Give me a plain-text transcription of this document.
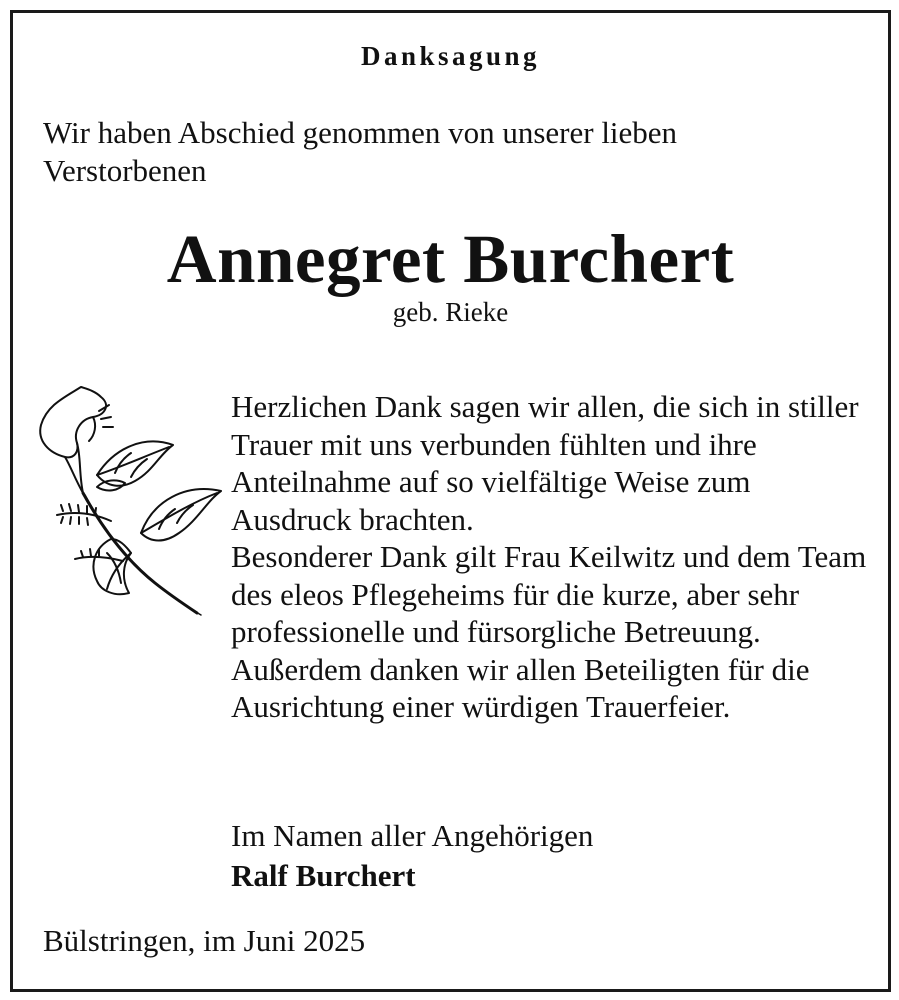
Danksagung
Wir haben Abschied genommen von unserer lieben Verstorbenen
Annegret Burchert
geb. Rieke

Herzlichen Dank sagen wir allen, die sich in stiller Trauer mit uns verbunden fühlten und ihre Anteilnahme auf so vielfältige Weise zum Ausdruck brachten.

Besonderer Dank gilt Frau Keilwitz und dem Team des eleos Pflegeheims für die kurze, aber sehr professionelle und fürsorgliche Betreuung.

Außerdem danken wir allen Beteiligten für die Ausrichtung einer würdigen Trauerfeier.

Im Namen aller Angehörigen
Ralf Burchert
Bülstringen, im Juni 2025
